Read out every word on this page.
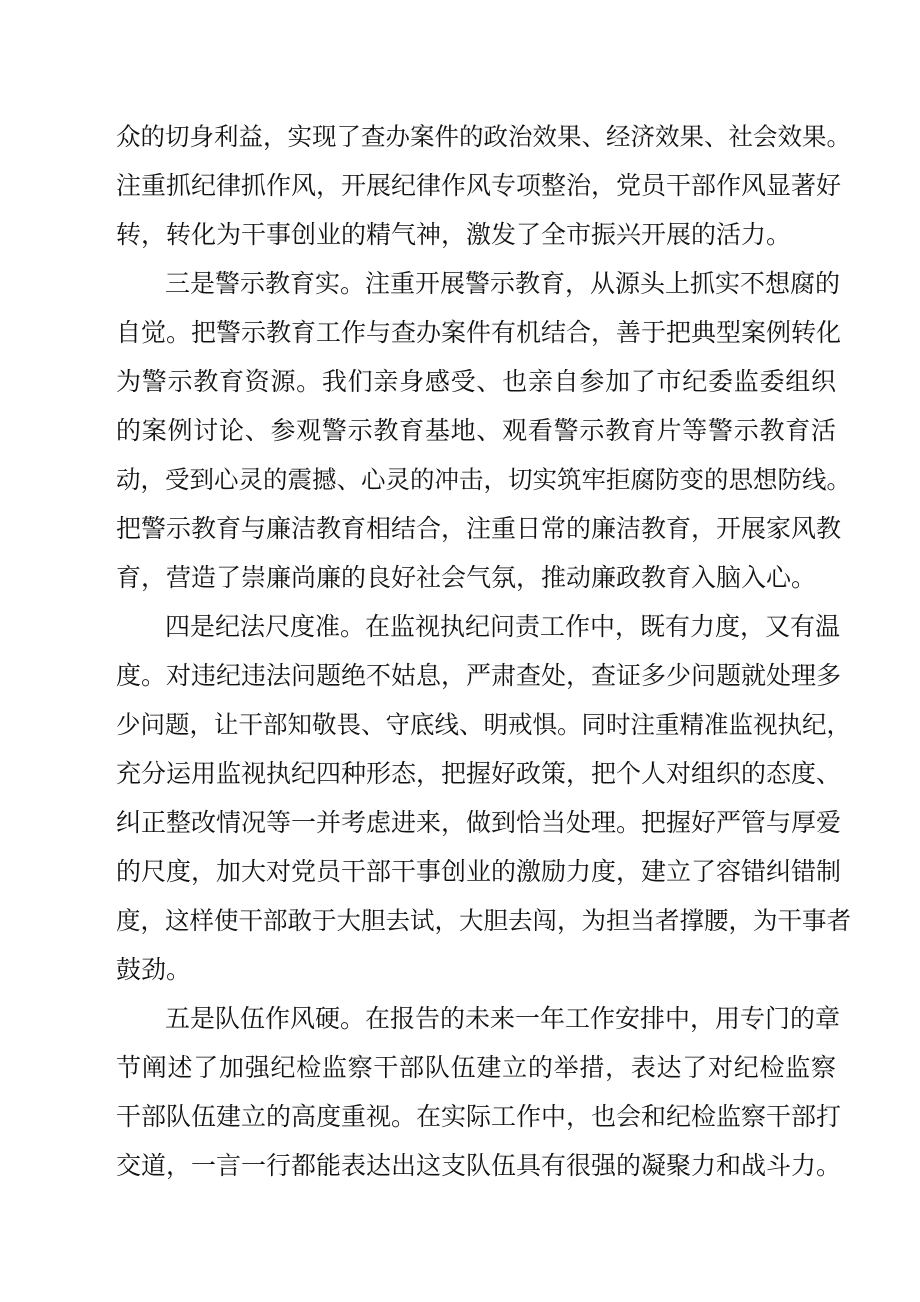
众的切身利益，实现了查办案件的政治效果、经济效果、社会效果。
注重抓纪律抓作风，开展纪律作风专项整治，党员干部作风显著好
转，转化为干事创业的精气神，激发了全市振兴开展的活力。
三是警示教育实。注重开展警示教育，从源头上抓实不想腐的
自觉。把警示教育工作与查办案件有机结合，善于把典型案例转化
为警示教育资源。我们亲身感受、也亲自参加了市纪委监委组织
的案例讨论、参观警示教育基地、观看警示教育片等警示教育活
动，受到心灵的震撼、心灵的冲击，切实筑牢拒腐防变的思想防线。
把警示教育与廉洁教育相结合，注重日常的廉洁教育，开展家风教
育，营造了崇廉尚廉的良好社会气氛，推动廉政教育入脑入心。
四是纪法尺度准。在监视执纪问责工作中，既有力度，又有温
度。对违纪违法问题绝不姑息，严肃查处，查证多少问题就处理多
少问题，让干部知敬畏、守底线、明戒惧。同时注重精准监视执纪，
充分运用监视执纪四种形态，把握好政策，把个人对组织的态度、
纠正整改情况等一并考虑进来，做到恰当处理。把握好严管与厚爱
的尺度，加大对党员干部干事创业的激励力度，建立了容错纠错制
度，这样使干部敢于大胆去试，大胆去闯，为担当者撑腰，为干事者
鼓劲。
五是队伍作风硬。在报告的未来一年工作安排中，用专门的章
节阐述了加强纪检监察干部队伍建立的举措，表达了对纪检监察
干部队伍建立的高度重视。在实际工作中，也会和纪检监察干部打
交道，一言一行都能表达出这支队伍具有很强的凝聚力和战斗力。
